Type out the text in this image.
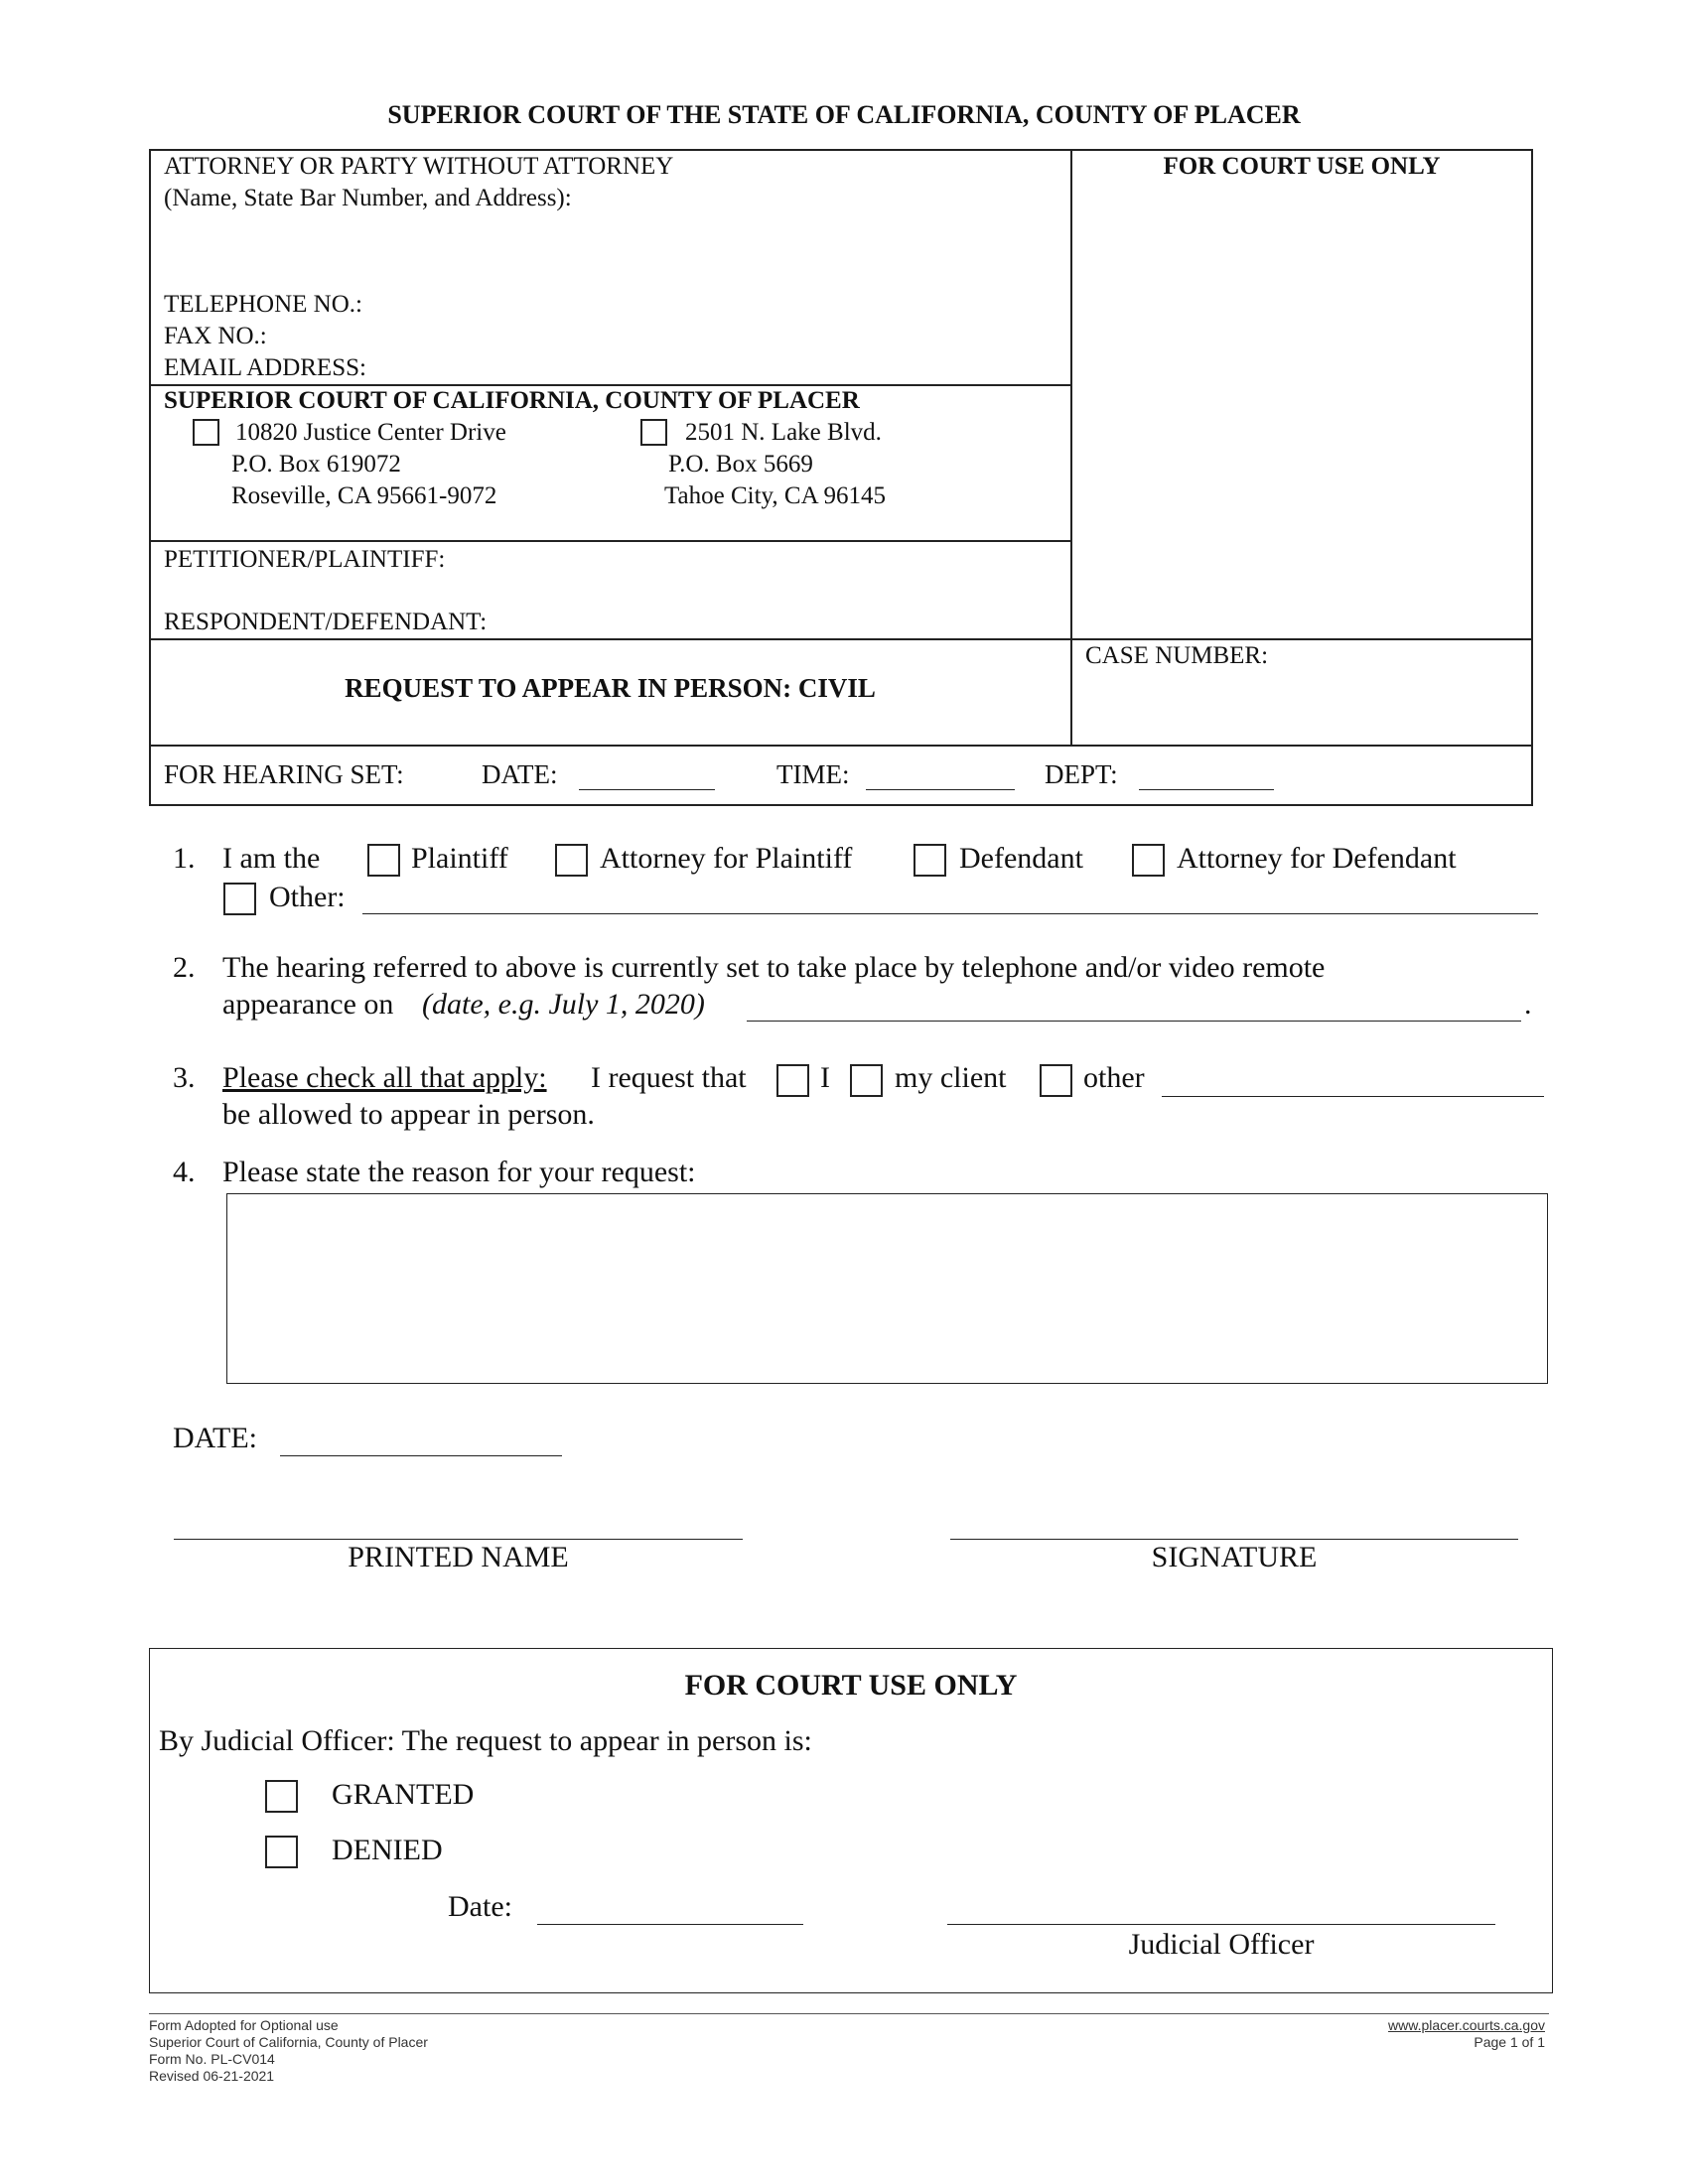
SUPERIOR COURT OF THE STATE OF CALIFORNIA, COUNTY OF PLACER
ATTORNEY OR PARTY WITHOUT ATTORNEY
(Name, State Bar Number, and Address):
TELEPHONE NO.:
FAX NO.:
EMAIL ADDRESS:
FOR COURT USE ONLY
SUPERIOR COURT OF CALIFORNIA, COUNTY OF PLACER
10820 Justice Center Drive
P.O. Box 619072
Roseville, CA 95661-9072
2501 N. Lake Blvd.
P.O. Box 5669
Tahoe City, CA 96145
PETITIONER/PLAINTIFF:
RESPONDENT/DEFENDANT:
CASE NUMBER:
REQUEST TO APPEAR IN PERSON: CIVIL
FOR HEARING SET:	DATE:	TIME:	DEPT:
1. I am the	Plaintiff	Attorney for Plaintiff	Defendant	Attorney for Defendant
Other:
2. The hearing referred to above is currently set to take place by telephone and/or video remote
appearance on (date, e.g. July 1, 2020)	.
3. Please check all that apply: I request that I my client	other
be allowed to appear in person.
4. Please state the reason for your request:
DATE:
PRINTED NAME	SIGNATURE
FOR COURT USE ONLY
By Judicial Officer: The request to appear in person is:
GRANTED
DENIED
Date:
Judicial Officer
Form Adopted for Optional use
Superior Court of California, County of Placer
Form No. PL-CV014
Revised 06-21-2021
www.placer.courts.ca.gov
Page 1 of 1
